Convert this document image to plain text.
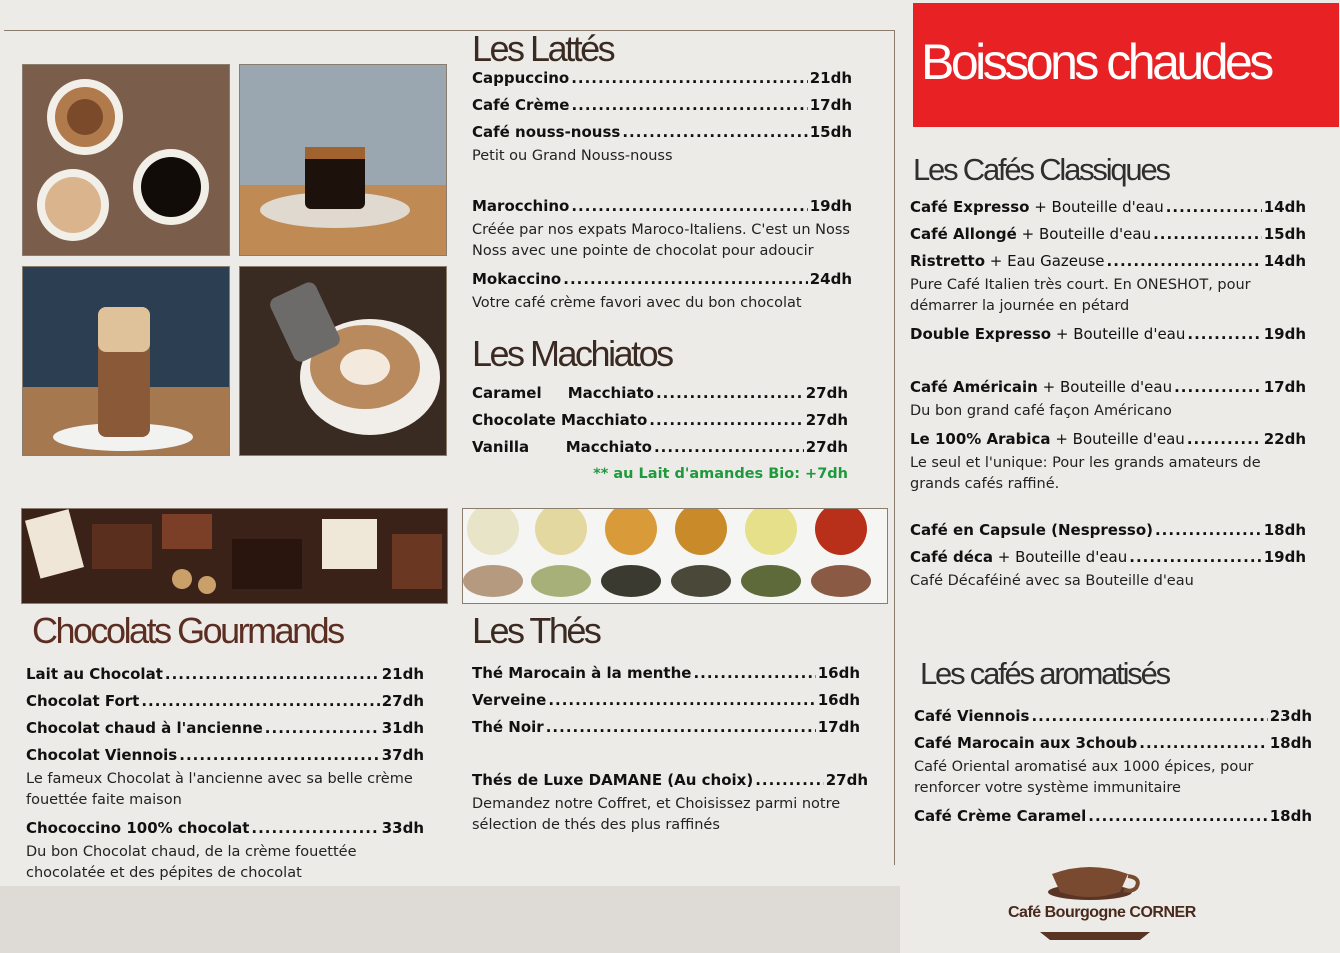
Boissons chaudes
Les Lattés
Cappuccino .....	21dh
Café Crème .....	17dh
Café nouss-nouss .....	15dh
Petit ou Grand Nouss-nouss
Marocchino .....	19dh
Créée par nos expats Maroco-Italiens. C'est un Noss Noss avec une pointe de chocolat pour adoucir
Mokaccino .....	24dh
Votre café crème favori avec du bon chocolat
Les Machiatos
Caramel     Macchiato .....	27dh
Chocolate Macchiato .....	27dh
Vanilla       Macchiato .....	27dh
** au Lait d'amandes Bio: +7dh
Les Cafés Classiques
Café Expresso + Bouteille d'eau .....	14dh
Café Allongé + Bouteille d'eau .....	15dh
Ristretto + Eau Gazeuse .....	14dh
Pure Café Italien très court. En ONESHOT, pour démarrer la journée en pétard
Double Expresso + Bouteille d'eau .....	19dh
Café Américain + Bouteille d'eau .....	17dh
Du bon grand café façon Américano
Le 100% Arabica + Bouteille d'eau .....	22dh
Le seul et l'unique: Pour les grands amateurs de grands cafés raffiné.
Café en Capsule (Nespresso) .....	18dh
Café déca + Bouteille d'eau .....	19dh
Café Décaféiné avec sa Bouteille d'eau
Les cafés aromatisés
Café Viennois .....	23dh
Café Marocain aux 3choub .....	18dh
Café Oriental aromatisé aux 1000 épices, pour renforcer votre système immunitaire
Café Crème Caramel .....	18dh
Chocolats Gourmands
Lait au Chocolat .....	21dh
Chocolat Fort .....	27dh
Chocolat chaud à l'ancienne .....	31dh
Chocolat Viennois .....	37dh
Le fameux Chocolat à l'ancienne avec sa belle crème fouettée faite maison
Chococcino 100% chocolat .....	33dh
Du bon Chocolat chaud, de la crème fouettée chocolatée et des pépites de chocolat
Les Thés
Thé Marocain à la menthe .....	16dh
Verveine .....	16dh
Thé Noir .....	17dh
Thés de Luxe DAMANE (Au choix) .....	27dh
Demandez notre Coffret, et Choisissez parmi notre sélection de thés des plus raffinés
Café Bourgogne CORNER
